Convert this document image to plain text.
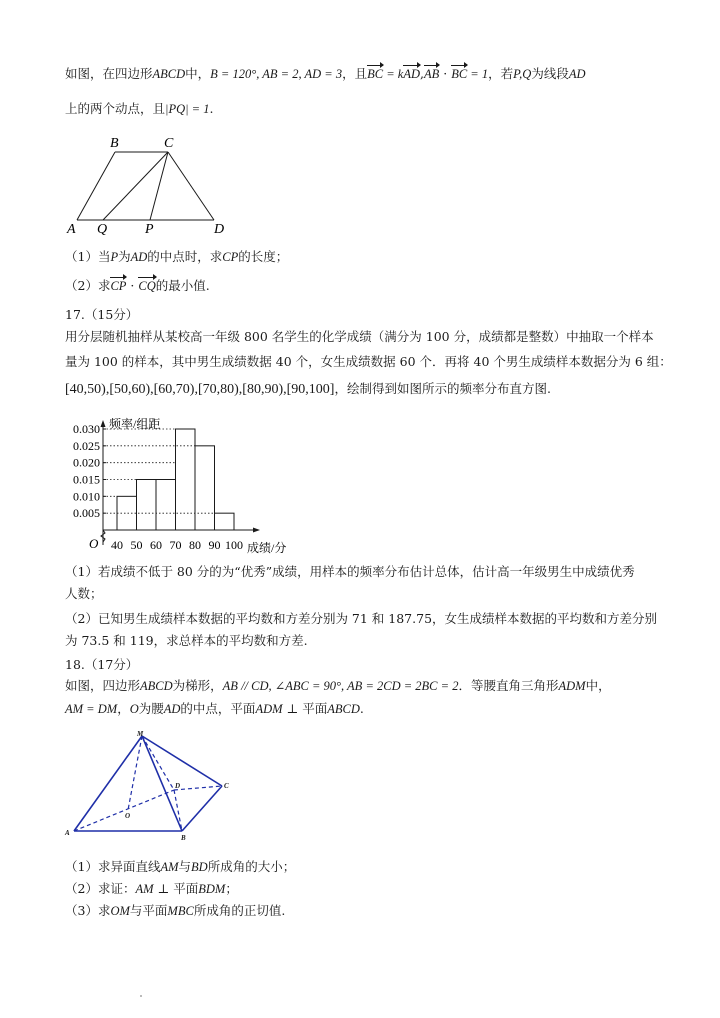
如图，在四边形ABCD中，B = 120°, AB = 2, AD = 3，且BC = kAD,AB · BC = 1，若P,Q为线段AD
上的两个动点，且|PQ| = 1.
B	C
A Q	P	D
（1）当P为AD的中点时，求CP的长度；
（2）求CP · CQ的最小值.
17.（15分）
用分层随机抽样从某校高一年级 800 名学生的化学成绩（满分为 100 分，成绩都是整数）中抽取一个样本
量为 100 的样本，其中男生成绩数据 40 个，女生成绩数据 60 个．再将 40 个男生成绩样本数据分为 6 组：
[40,50),[50,60),[60,70),[70,80),[80,90),[90,100]，绘制得到如图所示的频率分布直方图.
0.005
0.010
0.015
0.020
0.025
0.030
40 50 60 70 80 90 100
频率/组距
成绩/分
O
（1）若成绩不低于 80 分的为“优秀”成绩，用样本的频率分布估计总体，估计高一年级男生中成绩优秀
人数；
（2）已知男生成绩样本数据的平均数和方差分别为 71 和 187.75，女生成绩样本数据的平均数和方差分别
为 73.5 和 119，求总样本的平均数和方差.
18.（17分）
如图，四边形ABCD为梯形，AB // CD, ∠ABC = 90°, AB = 2CD = 2BC = 2．等腰直角三角形ADM中，
AM = DM，O为腰AD的中点，平面ADM ⊥ 平面ABCD.
M
D	C
O
A
B
（1）求异面直线AM与BD所成角的大小；
（2）求证：AM ⊥ 平面BDM；
（3）求OM与平面MBC所成角的正切值.
